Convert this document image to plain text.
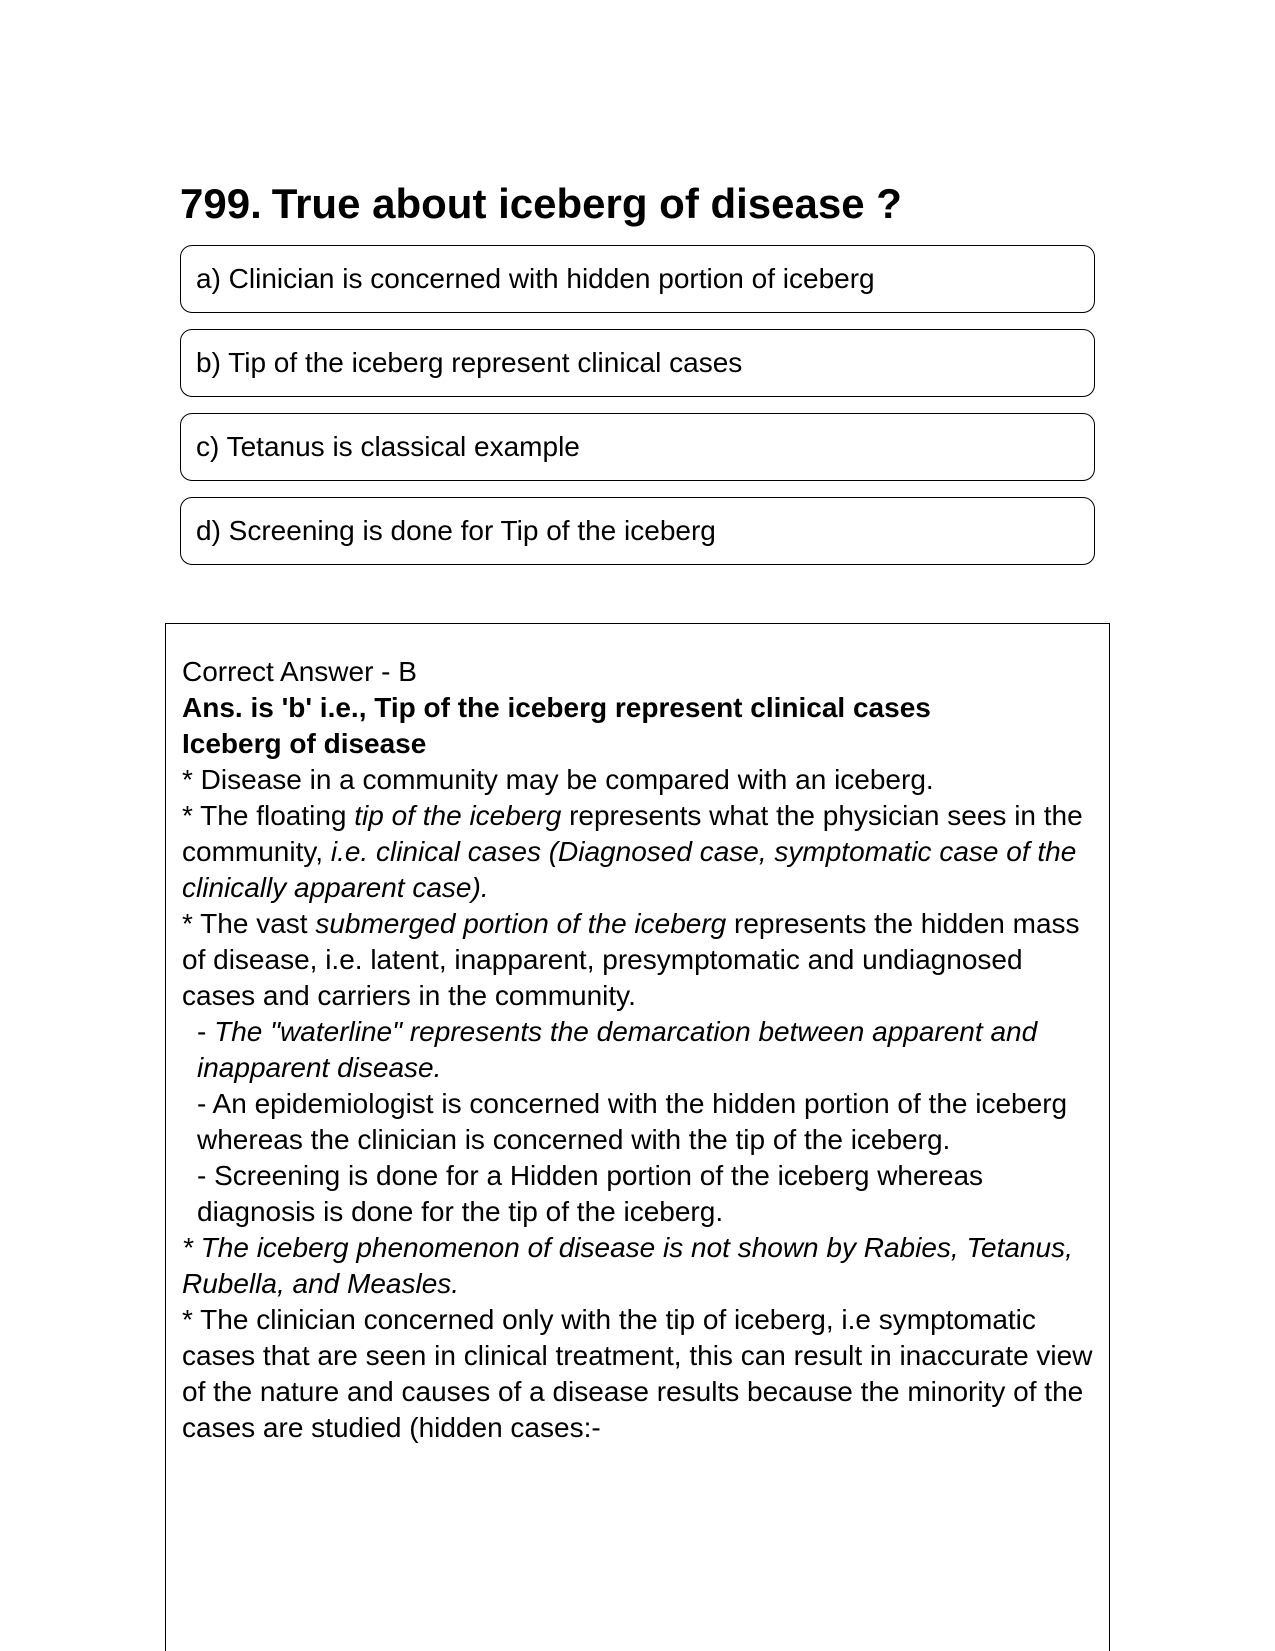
799. True about iceberg of disease ?
a) Clinician is concerned with hidden portion of iceberg
b) Tip of the iceberg represent clinical cases
c) Tetanus is classical example
d) Screening is done for Tip of the iceberg
Correct Answer - B
Ans. is 'b' i.e., Tip of the iceberg represent clinical cases
Iceberg of disease
* Disease in a community may be compared with an iceberg.
* The floating tip of the iceberg represents what the physician sees in the community, i.e. clinical cases (Diagnosed case, symptomatic case of the clinically apparent case).
* The vast submerged portion of the iceberg represents the hidden mass of disease, i.e. latent, inapparent, presymptomatic and undiagnosed cases and carriers in the community.
- The "waterline" represents the demarcation between apparent and inapparent disease.
- An epidemiologist is concerned with the hidden portion of the iceberg whereas the clinician is concerned with the tip of the iceberg.
- Screening is done for a Hidden portion of the iceberg whereas diagnosis is done for the tip of the iceberg.
* The iceberg phenomenon of disease is not shown by Rabies, Tetanus, Rubella, and Measles.
* The clinician concerned only with the tip of iceberg, i.e symptomatic cases that are seen in clinical treatment, this can result in inaccurate view of the nature and causes of a disease results because the minority of the cases are studied (hidden cases:-
